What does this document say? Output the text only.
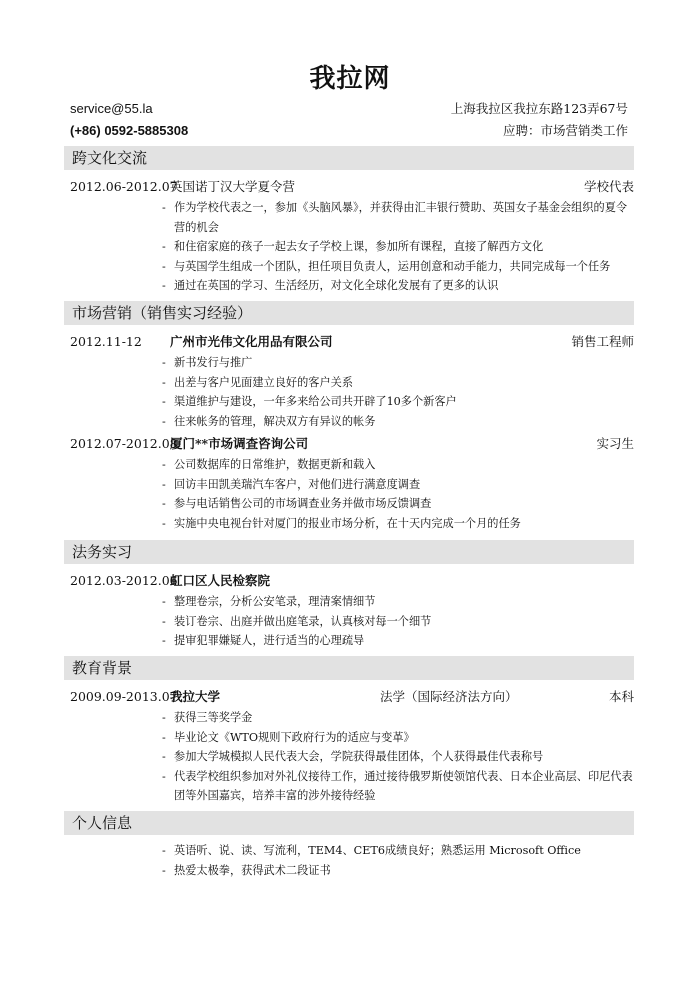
我拉网
service@55.la
(+86) 0592-5885308
上海我拉区我拉东路123弄67号
应聘：市场营销类工作
跨文化交流
2012.06-2012.07
英国诺丁汉大学夏令营	学校代表
- 作为学校代表之一，参加《头脑风暴》，并获得由汇丰银行赞助、英国女子基金会组织的夏令营的机会
- 和住宿家庭的孩子一起去女子学校上课，参加所有课程，直接了解西方文化
- 与英国学生组成一个团队，担任项目负责人，运用创意和动手能力，共同完成每一个任务
- 通过在英国的学习、生活经历，对文化全球化发展有了更多的认识
市场营销（销售实习经验）
2012.11-12 广州市光伟文化用品有限公司	销售工程师
- 新书发行与推广
- 出差与客户见面建立良好的客户关系
- 渠道维护与建设，一年多来给公司共开辟了10多个新客户
- 往来帐务的管理，解决双方有异议的帐务
2012.07-2012.08
厦门**市场调查咨询公司	实习生
- 公司数据库的日常维护，数据更新和载入
- 回访丰田凯美瑞汽车客户，对他们进行满意度调查
- 参与电话销售公司的市场调查业务并做市场反馈调查
- 实施中央电视台针对厦门的报业市场分析，在十天内完成一个月的任务
法务实习
2012.03-2012.06
虹口区人民检察院
- 整理卷宗，分析公安笔录，理清案情细节
- 装订卷宗、出庭并做出庭笔录，认真核对每一个细节
- 提审犯罪嫌疑人，进行适当的心理疏导
教育背景
2009.09-2013.07
我拉大学	法学（国际经济法方向）	本科
- 获得三等奖学金
- 毕业论文《WTO规则下政府行为的适应与变革》
- 参加大学城模拟人民代表大会，学院获得最佳团体，个人获得最佳代表称号
- 代表学校组织参加对外礼仪接待工作，通过接待俄罗斯使领馆代表、日本企业高层、印尼代表团等外国嘉宾，培养丰富的涉外接待经验
个人信息
- 英语听、说、读、写流利，TEM4、CET6成绩良好；熟悉运用 Microsoft Office
- 热爱太极拳，获得武术二段证书
